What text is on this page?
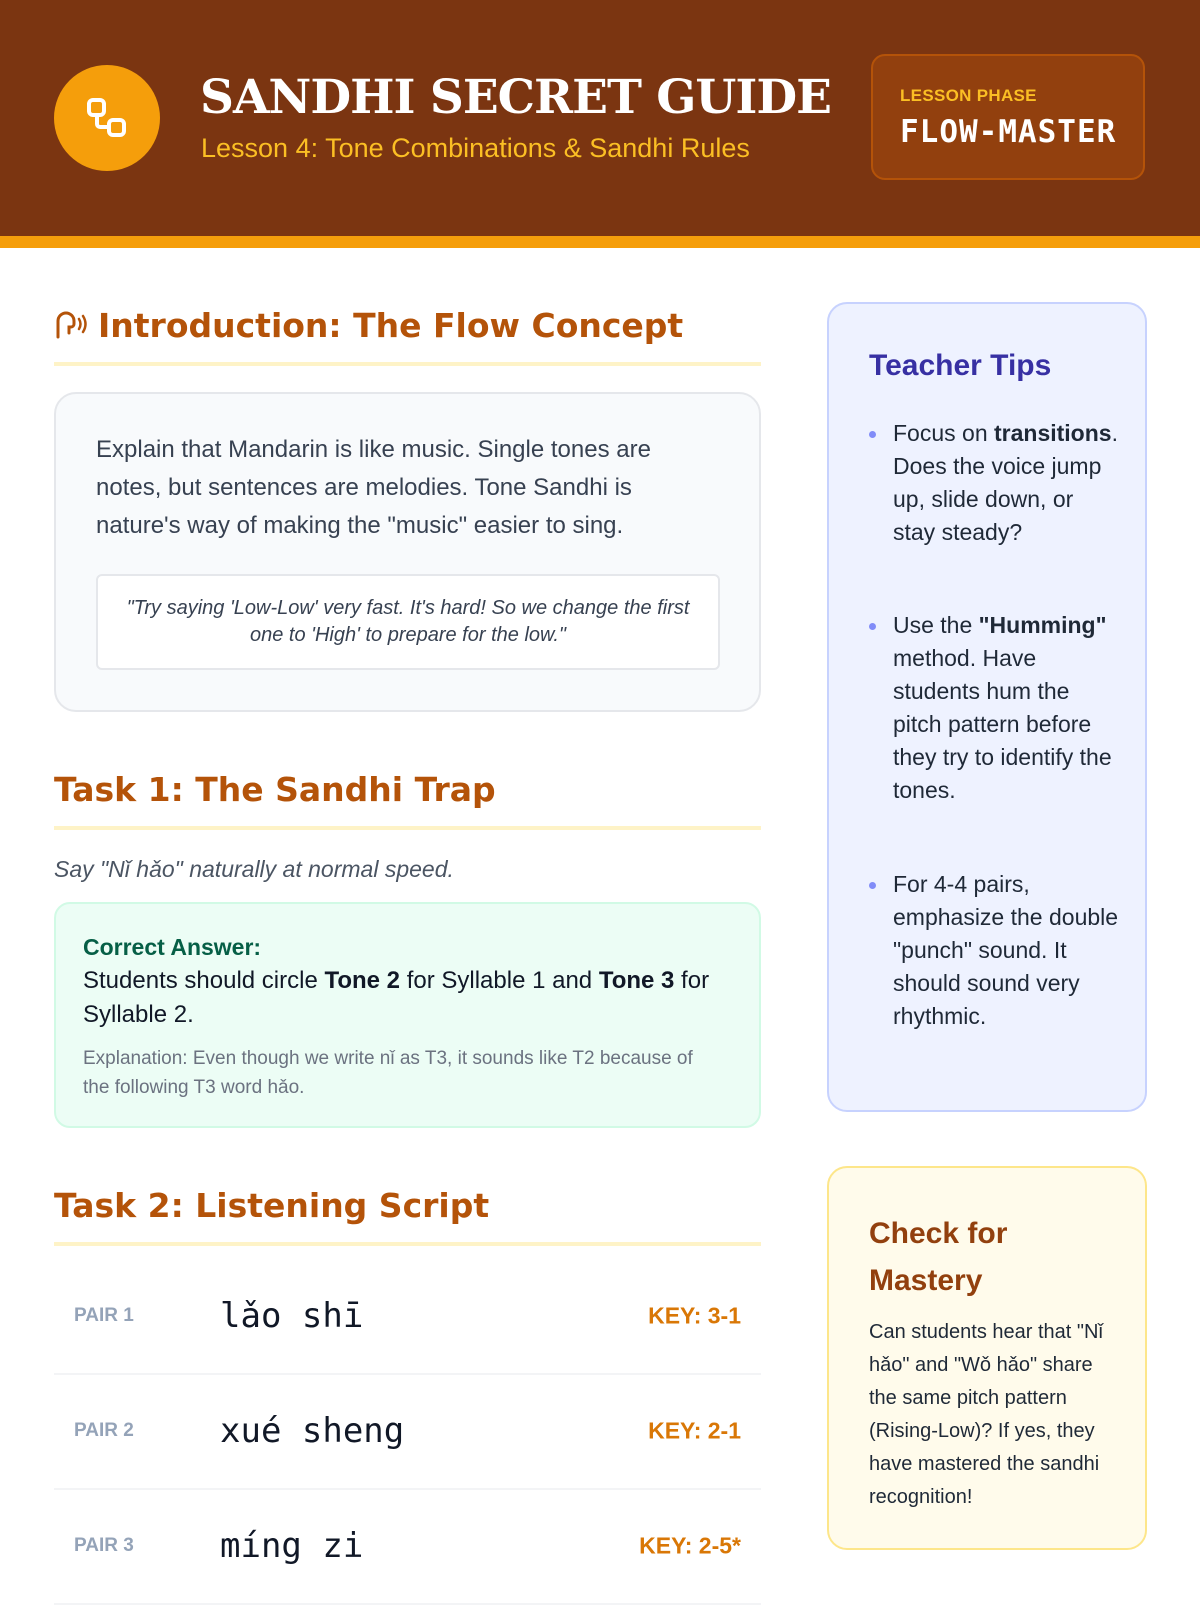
SANDHI SECRET GUIDE
Lesson 4: Tone Combinations & Sandhi Rules
LESSON PHASE
FLOW-MASTER
Introduction: The Flow Concept
Explain that Mandarin is like music. Single tones are notes, but sentences are melodies. Tone Sandhi is nature's way of making the "music" easier to sing.
"Try saying 'Low-Low' very fast. It's hard! So we change the first one to 'High' to prepare for the low."
Task 1: The Sandhi Trap
Say "Nǐ hǎo" naturally at normal speed.
Correct Answer:
Students should circle Tone 2 for Syllable 1 and Tone 3 for Syllable 2.
Explanation: Even though we write nǐ as T3, it sounds like T2 because of the following T3 word hǎo.
Task 2: Listening Script
PAIR 1	lǎo shī	KEY: 3-1
PAIR 2	xué sheng	KEY: 2-1
PAIR 3	míng zi	KEY: 2-5*
Teacher Tips
Focus on transitions. Does the voice jump up, slide down, or stay steady?
Use the "Humming" method. Have students hum the pitch pattern before they try to identify the tones.
For 4-4 pairs, emphasize the double "punch" sound. It should sound very rhythmic.
Check for Mastery
Can students hear that "Nǐ hǎo" and "Wǒ hǎo" share the same pitch pattern (Rising-Low)? If yes, they have mastered the sandhi recognition!
